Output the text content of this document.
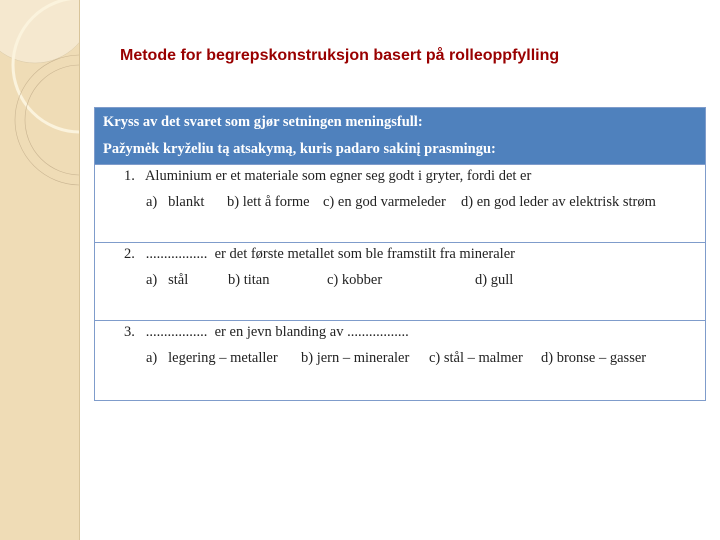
Metode for begrepskonstruksjon basert på rolleoppfylling
Kryss av det svaret som gjør setningen meningsfull:
Pažymėk kryželiu tą atsakymą, kuris padaro sakinį prasmingu:
1.   Aluminium er et materiale som egner seg godt i gryter, fordi det er
a)   blankt b) lett å forme c) en god varmeleder d) en god leder av elektrisk strøm
2.   .................  er det første metallet som ble framstilt fra mineraler
a)   stål	b) titan	c) kobber	d) gull
3.   .................  er en jevn blanding av .................
a)   legering – metaller b) jern – mineraler c) stål – malmer d) bronse – gasser
